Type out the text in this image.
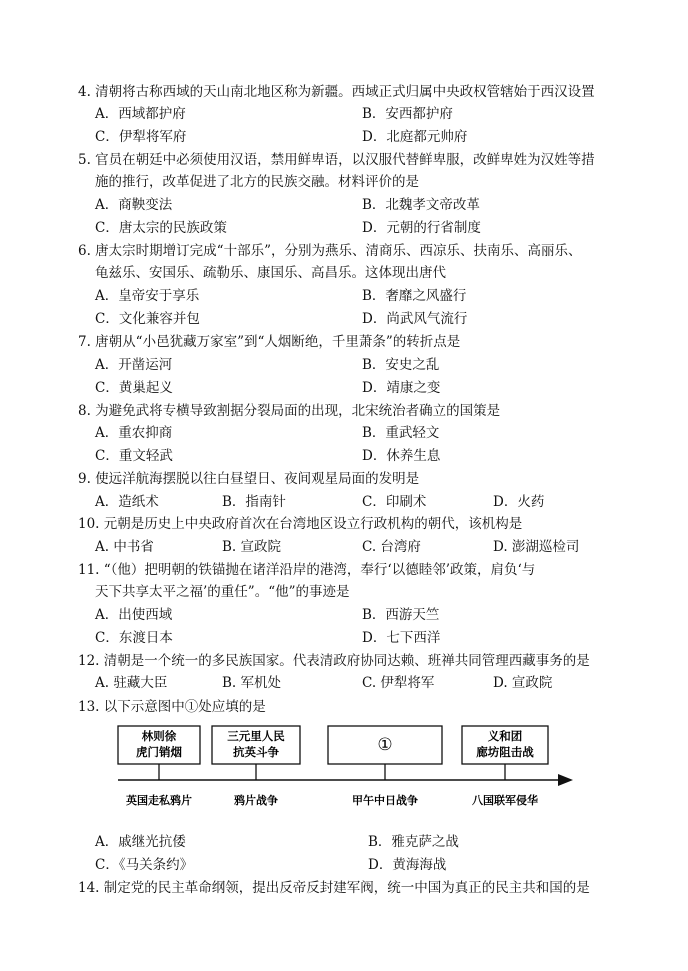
4. 清朝将古称西域的天山南北地区称为新疆。西域正式归属中央政权管辖始于西汉设置
A．西域都护府	B．安西都护府
C．伊犁将军府	D．北庭都元帅府
5. 官员在朝廷中必须使用汉语，禁用鲜卑语，以汉服代替鲜卑服，改鲜卑姓为汉姓等措
施的推行，改革促进了北方的民族交融。材料评价的是
A．商鞅变法	B．北魏孝文帝改革
C．唐太宗的民族政策	D．元朝的行省制度
6. 唐太宗时期增订完成“十部乐”，分别为燕乐、清商乐、西凉乐、扶南乐、高丽乐、
龟兹乐、安国乐、疏勒乐、康国乐、高昌乐。这体现出唐代
A．皇帝安于享乐	B．奢靡之风盛行
C．文化兼容并包	D．尚武风气流行
7. 唐朝从“小邑犹藏万家室”到“人烟断绝，千里萧条”的转折点是
A．开凿运河	B．安史之乱
C．黄巢起义	D．靖康之变
8. 为避免武将专横导致割据分裂局面的出现，北宋统治者确立的国策是
A．重农抑商	B．重武轻文
C．重文轻武	D．休养生息
9. 使远洋航海摆脱以往白昼望日、夜间观星局面的发明是
A．造纸术	B．指南针	C．印刷术	D．火药
10. 元朝是历史上中央政府首次在台湾地区设立行政机构的朝代，该机构是
A. 中书省	B. 宣政院	C. 台湾府	D. 澎湖巡检司
11. “（他）把明朝的铁锚抛在诸洋沿岸的港湾，奉行‘以德睦邻’政策，肩负‘与
天下共享太平之福’的重任”。“他”的事迹是
A．出使西域	B．西游天竺
C．东渡日本	D．七下西洋
12. 清朝是一个统一的多民族国家。代表清政府协同达赖、班禅共同管理西藏事务的是
A. 驻藏大臣	B. 军机处	C. 伊犁将军	D. 宣政院
13. 以下示意图中①处应填的是
林则徐
虎门销烟
三元里人民
抗英斗争	①	义和团
廊坊阻击战
英国走私鸦片	鸦片战争	甲午中日战争	八国联军侵华
A．戚继光抗倭	B．雅克萨之战
C．《马关条约》	D．黄海海战
14. 制定党的民主革命纲领，提出反帝反封建军阀，统一中国为真正的民主共和国的是
